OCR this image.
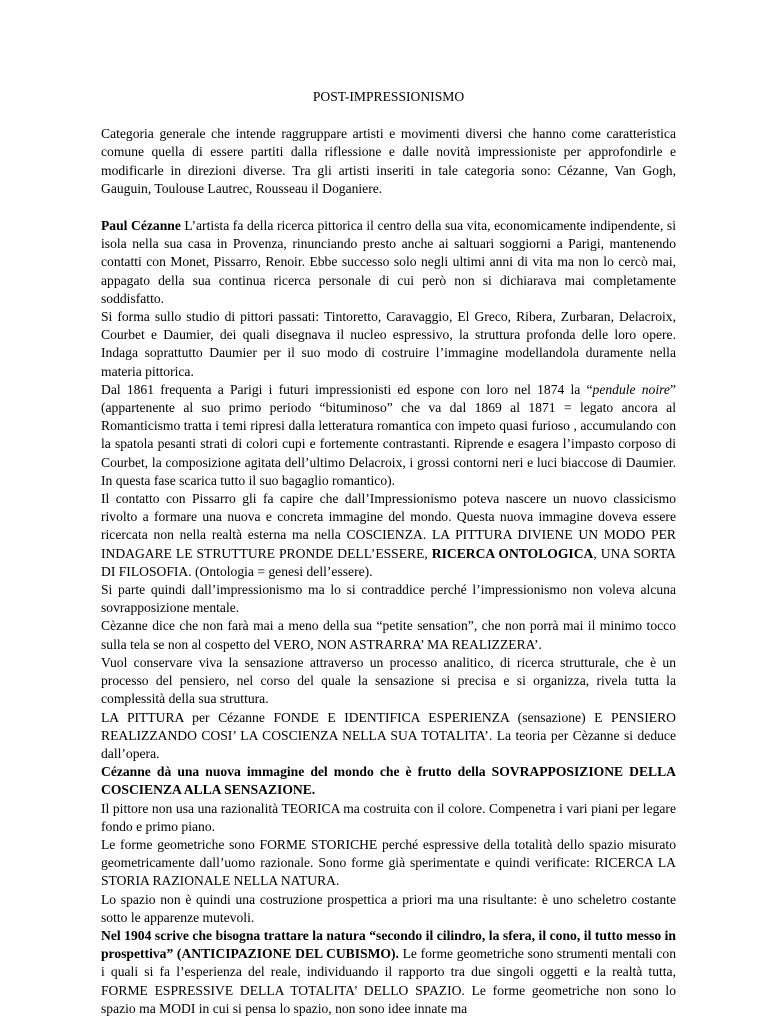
POST-IMPRESSIONISMO

Categoria generale che intende raggruppare artisti e movimenti diversi che hanno come caratteristica comune quella di essere partiti dalla riflessione e dalle novità impressioniste per approfondirle e modificarle in direzioni diverse. Tra gli artisti inseriti in tale categoria sono: Cézanne, Van Gogh, Gauguin, Toulouse Lautrec, Rousseau il Doganiere.

Paul Cézanne L’artista fa della ricerca pittorica il centro della sua vita, economicamente indipendente, si isola nella sua casa in Provenza, rinunciando presto anche ai saltuari soggiorni a Parigi, mantenendo contatti con Monet, Pissarro, Renoir. Ebbe successo solo negli ultimi anni di vita ma non lo cercò mai, appagato della sua continua ricerca personale di cui però non si dichiarava mai completamente soddisfatto.

Si forma sullo studio di pittori passati: Tintoretto, Caravaggio, El Greco, Ribera, Zurbaran, Delacroix, Courbet e Daumier, dei quali disegnava il nucleo espressivo, la struttura profonda delle loro opere. Indaga soprattutto Daumier per il suo modo di costruire l’immagine modellandola duramente nella materia pittorica.

Dal 1861 frequenta a Parigi i futuri impressionisti ed espone con loro nel 1874 la “pendule noire” (appartenente al suo primo periodo “bituminoso” che va dal 1869 al 1871 = legato ancora al Romanticismo tratta i temi ripresi dalla letteratura romantica con impeto quasi furioso , accumulando con la spatola pesanti strati di colori cupi e fortemente contrastanti. Riprende e esagera l’impasto corposo di Courbet, la composizione agitata dell’ultimo Delacroix, i grossi contorni neri e luci biaccose di Daumier. In questa fase scarica tutto il suo bagaglio romantico).

Il contatto con Pissarro gli fa capire che dall’Impressionismo poteva nascere un nuovo classicismo rivolto a formare una nuova e concreta immagine del mondo. Questa nuova immagine doveva essere ricercata non nella realtà esterna ma nella COSCIENZA. LA PITTURA DIVIENE UN MODO PER INDAGARE LE STRUTTURE PRONDE DELL’ESSERE, RICERCA ONTOLOGICA, UNA SORTA DI FILOSOFIA. (Ontologia = genesi dell’essere).

Si parte quindi dall’impressionismo ma lo si contraddice perché l’impressionismo non voleva alcuna sovrapposizione mentale.

Cèzanne dice che non farà mai a meno della sua “petite sensation”, che non porrà mai il minimo tocco sulla tela se non al cospetto del VERO, NON ASTRARRA’ MA REALIZZERA’.

Vuol conservare viva la sensazione attraverso un processo analitico, di ricerca strutturale, che è un processo del pensiero, nel corso del quale la sensazione si precisa e si organizza, rivela tutta la complessità della sua struttura.

LA PITTURA per Cézanne FONDE E IDENTIFICA ESPERIENZA (sensazione) E PENSIERO REALIZZANDO COSI’ LA COSCIENZA NELLA SUA TOTALITA’. La teoria per Cèzanne si deduce dall’opera.

Cézanne dà una nuova immagine del mondo che è frutto della SOVRAPPOSIZIONE DELLA COSCIENZA ALLA SENSAZIONE.

Il pittore non usa una razionalità TEORICA ma costruita con il colore. Compenetra i vari piani per legare fondo e primo piano.

Le forme geometriche sono FORME STORICHE perché espressive della totalità dello spazio misurato geometricamente dall’uomo razionale. Sono forme già sperimentate e quindi verificate: RICERCA LA STORIA RAZIONALE NELLA NATURA.

Lo spazio non è quindi una costruzione prospettica a priori ma una risultante: è uno scheletro costante sotto le apparenze mutevoli.

Nel 1904 scrive che bisogna trattare la natura “secondo il cilindro, la sfera, il cono, il tutto messo in prospettiva” (ANTICIPAZIONE DEL CUBISMO). Le forme geometriche sono strumenti mentali con i quali si fa l’esperienza del reale, individuando il rapporto tra due singoli oggetti e la realtà tutta, FORME ESPRESSIVE DELLA TOTALITA’ DELLO SPAZIO. Le forme geometriche non sono lo spazio ma MODI in cui si pensa lo spazio, non sono idee innate ma
